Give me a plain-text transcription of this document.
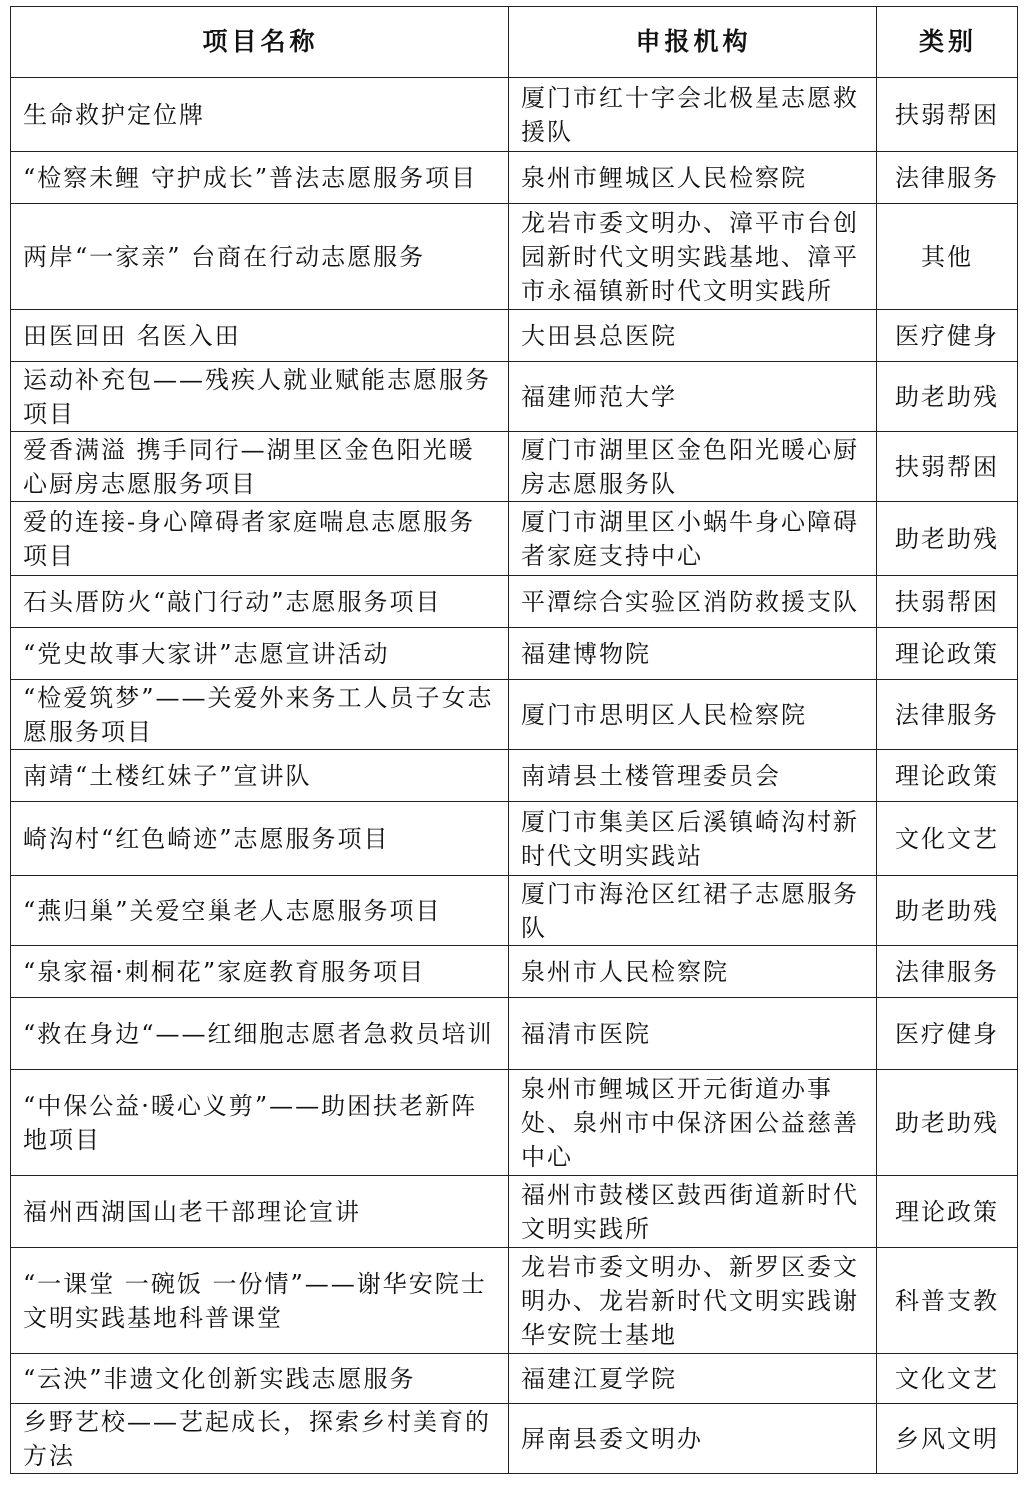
项目名称	申报机构	类别
生命救护定位牌	厦门市红十字会北极星志愿救援队	扶弱帮困
“检察未鲤 守护成长”普法志愿服务项目	泉州市鲤城区人民检察院	法律服务
两岸“一家亲” 台商在行动志愿服务	龙岩市委文明办、漳平市台创园新时代文明实践基地、漳平市永福镇新时代文明实践所	其他
田医回田 名医入田	大田县总医院	医疗健身
运动补充包——残疾人就业赋能志愿服务项目	福建师范大学	助老助残
爱香满溢 携手同行—湖里区金色阳光暖心厨房志愿服务项目	厦门市湖里区金色阳光暖心厨房志愿服务队	扶弱帮困
爱的连接-身心障碍者家庭喘息志愿服务项目	厦门市湖里区小蜗牛身心障碍者家庭支持中心	助老助残
石头厝防火“敲门行动”志愿服务项目	平潭综合实验区消防救援支队	扶弱帮困
“党史故事大家讲”志愿宣讲活动	福建博物院	理论政策
“检爱筑梦”——关爱外来务工人员子女志愿服务项目	厦门市思明区人民检察院	法律服务
南靖“土楼红妹子”宣讲队	南靖县土楼管理委员会	理论政策
崎沟村“红色崎迹”志愿服务项目	厦门市集美区后溪镇崎沟村新时代文明实践站	文化文艺
“燕归巢”关爱空巢老人志愿服务项目	厦门市海沧区红裙子志愿服务队	助老助残
“泉家福·刺桐花”家庭教育服务项目	泉州市人民检察院	法律服务
“救在身边“——红细胞志愿者急救员培训	福清市医院	医疗健身
“中保公益·暖心义剪”——助困扶老新阵地项目	泉州市鲤城区开元街道办事处、泉州市中保济困公益慈善中心	助老助残
福州西湖国山老干部理论宣讲	福州市鼓楼区鼓西街道新时代文明实践所	理论政策
“一课堂 一碗饭 一份情”——谢华安院士文明实践基地科普课堂	龙岩市委文明办、新罗区委文明办、龙岩新时代文明实践谢华安院士基地	科普支教
“云泱”非遗文化创新实践志愿服务	福建江夏学院	文化文艺
乡野艺校——艺起成长，探索乡村美育的方法	屏南县委文明办	乡风文明
